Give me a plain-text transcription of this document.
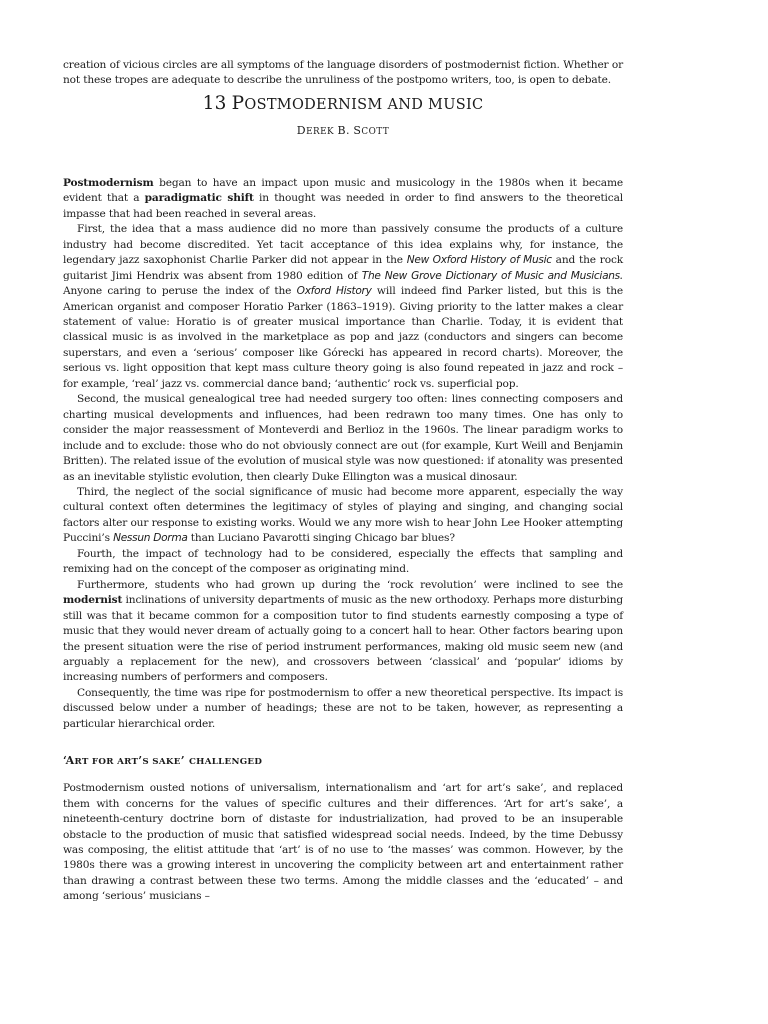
creation of vicious circles are all symptoms of the language disorders of postmodernist fiction. Whether or not these tropes are adequate to describe the unruliness of the postpomo writers, too, is open to debate.

13 POSTMODERNISM AND MUSIC
DEREK B. SCOTT

Postmodernism began to have an impact upon music and musicology in the 1980s when it became evident that a paradigmatic shift in thought was needed in order to find answers to the theoretical impasse that had been reached in several areas.

First, the idea that a mass audience did no more than passively consume the products of a culture industry had become discredited. Yet tacit acceptance of this idea explains why, for instance, the legendary jazz saxophonist Charlie Parker did not appear in the New Oxford History of Music and the rock guitarist Jimi Hendrix was absent from 1980 edition of The New Grove Dictionary of Music and Musicians. Anyone caring to peruse the index of the Oxford History will indeed find Parker listed, but this is the American organist and composer Horatio Parker (1863–1919). Giving priority to the latter makes a clear statement of value: Horatio is of greater musical importance than Charlie. Today, it is evident that classical music is as involved in the marketplace as pop and jazz (conductors and singers can become superstars, and even a ‘serious’ composer like Górecki has appeared in record charts). Moreover, the serious vs. light opposition that kept mass culture theory going is also found repeated in jazz and rock – for example, ‘real’ jazz vs. commercial dance band; ‘authentic’ rock vs. superficial pop.

Second, the musical genealogical tree had needed surgery too often: lines connecting composers and charting musical developments and influences, had been redrawn too many times. One has only to consider the major reassessment of Monteverdi and Berlioz in the 1960s. The linear paradigm works to include and to exclude: those who do not obviously connect are out (for example, Kurt Weill and Benjamin Britten). The related issue of the evolution of musical style was now questioned: if atonality was presented as an inevitable stylistic evolution, then clearly Duke Ellington was a musical dinosaur.

Third, the neglect of the social significance of music had become more apparent, especially the way cultural context often determines the legitimacy of styles of playing and singing, and changing social factors alter our response to existing works. Would we any more wish to hear John Lee Hooker attempting Puccini’s Nessun Dorma than Luciano Pavarotti singing Chicago bar blues?

Fourth, the impact of technology had to be considered, especially the effects that sampling and remixing had on the concept of the composer as originating mind.

Furthermore, students who had grown up during the ‘rock revolution’ were inclined to see the modernist inclinations of university departments of music as the new orthodoxy. Perhaps more disturbing still was that it became common for a composition tutor to find students earnestly composing a type of music that they would never dream of actually going to a concert hall to hear. Other factors bearing upon the present situation were the rise of period instrument performances, making old music seem new (and arguably a replacement for the new), and crossovers between ‘classical’ and ‘popular’ idioms by increasing numbers of performers and composers.

Consequently, the time was ripe for postmodernism to offer a new theoretical perspective. Its impact is discussed below under a number of headings; these are not to be taken, however, as representing a particular hierarchical order.

‘ART FOR ART’S SAKE’ CHALLENGED

Postmodernism ousted notions of universalism, internationalism and ‘art for art’s sake’, and replaced them with concerns for the values of specific cultures and their differences. ‘Art for art’s sake’, a nineteenth-century doctrine born of distaste for industrialization, had proved to be an insuperable obstacle to the production of music that satisfied widespread social needs. Indeed, by the time Debussy was composing, the elitist attitude that ‘art’ is of no use to ‘the masses’ was common. However, by the 1980s there was a growing interest in uncovering the complicity between art and entertainment rather than drawing a contrast between these two terms. Among the middle classes and the ‘educated’ – and among ‘serious’ musicians –
